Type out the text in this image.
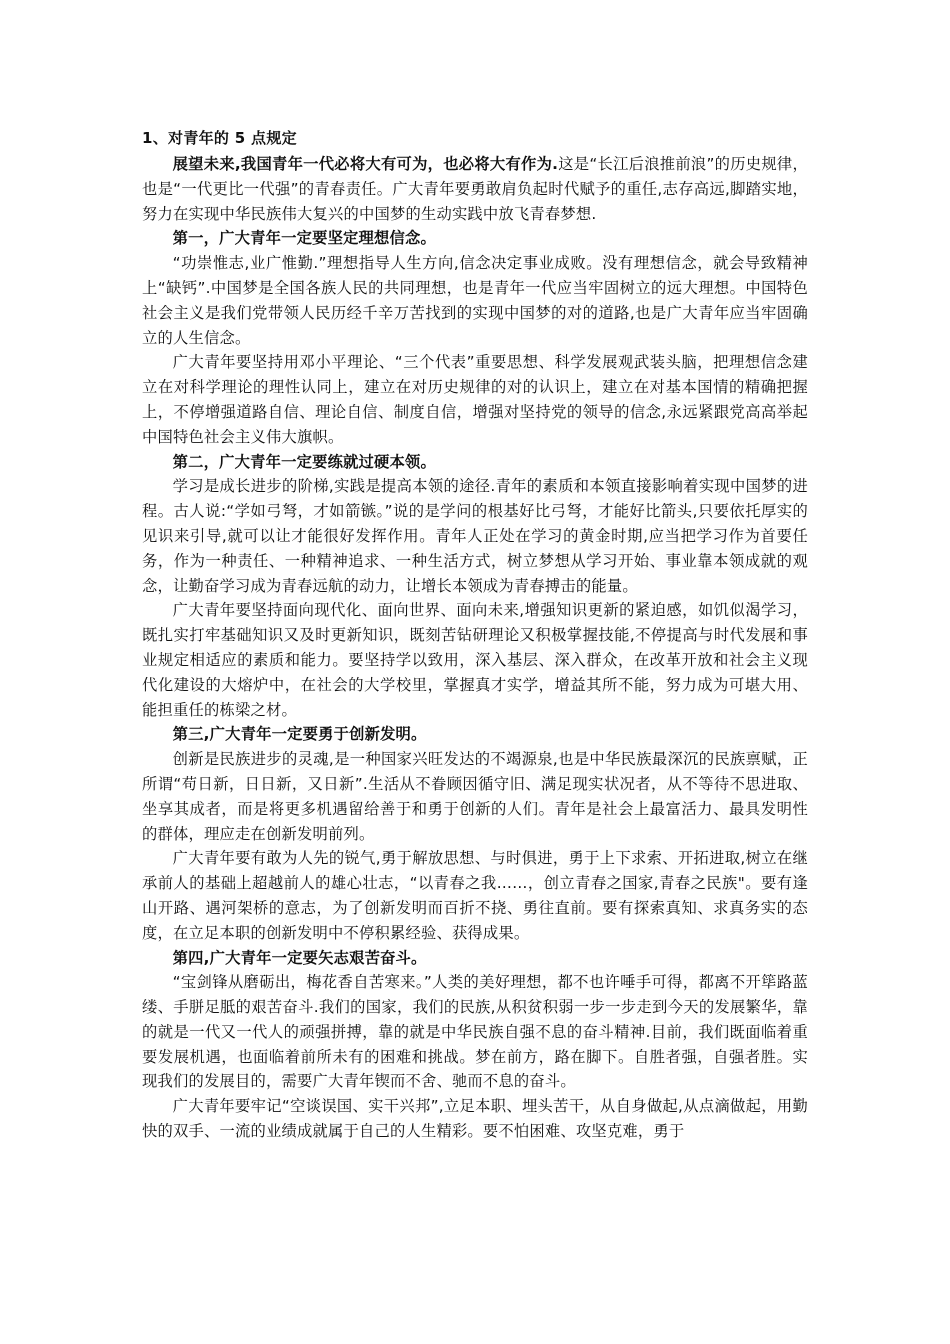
1、对青年的 5 点规定

展望未来,我国青年一代必将大有可为，也必将大有作为.这是“长江后浪推前浪”的历史规律，也是“一代更比一代强”的青春责任。广大青年要勇敢肩负起时代赋予的重任,志存高远,脚踏实地，努力在实现中华民族伟大复兴的中国梦的生动实践中放飞青春梦想.

第一，广大青年一定要坚定理想信念。

“功崇惟志,业广惟勤.”理想指导人生方向,信念决定事业成败。没有理想信念，就会导致精神上“缺钙”.中国梦是全国各族人民的共同理想，也是青年一代应当牢固树立的远大理想。中国特色社会主义是我们党带领人民历经千辛万苦找到的实现中国梦的对的道路,也是广大青年应当牢固确立的人生信念。

广大青年要坚持用邓小平理论、“三个代表”重要思想、科学发展观武装头脑，把理想信念建立在对科学理论的理性认同上，建立在对历史规律的对的认识上，建立在对基本国情的精确把握上，不停增强道路自信、理论自信、制度自信，增强对坚持党的领导的信念,永远紧跟党高高举起中国特色社会主义伟大旗帜。

第二，广大青年一定要练就过硬本领。

学习是成长进步的阶梯,实践是提高本领的途径.青年的素质和本领直接影响着实现中国梦的进程。古人说:“学如弓弩，才如箭镞。”说的是学问的根基好比弓弩，才能好比箭头,只要依托厚实的见识来引导,就可以让才能很好发挥作用。青年人正处在学习的黄金时期,应当把学习作为首要任务，作为一种责任、一种精神追求、一种生活方式，树立梦想从学习开始、事业靠本领成就的观念，让勤奋学习成为青春远航的动力，让增长本领成为青春搏击的能量。

广大青年要坚持面向现代化、面向世界、面向未来,增强知识更新的紧迫感，如饥似渴学习，既扎实打牢基础知识又及时更新知识，既刻苦钻研理论又积极掌握技能,不停提高与时代发展和事业规定相适应的素质和能力。要坚持学以致用，深入基层、深入群众，在改革开放和社会主义现代化建设的大熔炉中，在社会的大学校里，掌握真才实学，增益其所不能，努力成为可堪大用、能担重任的栋梁之材。

第三,广大青年一定要勇于创新发明。

创新是民族进步的灵魂,是一种国家兴旺发达的不竭源泉,也是中华民族最深沉的民族禀赋，正所谓“苟日新，日日新，又日新”.生活从不眷顾因循守旧、满足现实状况者，从不等待不思进取、坐享其成者，而是将更多机遇留给善于和勇于创新的人们。青年是社会上最富活力、最具发明性的群体，理应走在创新发明前列。

广大青年要有敢为人先的锐气,勇于解放思想、与时俱进，勇于上下求索、开拓进取,树立在继承前人的基础上超越前人的雄心壮志，“以青春之我……，创立青春之国家,青春之民族"。要有逢山开路、遇河架桥的意志，为了创新发明而百折不挠、勇往直前。要有探索真知、求真务实的态度，在立足本职的创新发明中不停积累经验、获得成果。

第四,广大青年一定要矢志艰苦奋斗。

“宝剑锋从磨砺出，梅花香自苦寒来。”人类的美好理想，都不也许唾手可得，都离不开筚路蓝缕、手胼足胝的艰苦奋斗.我们的国家，我们的民族,从积贫积弱一步一步走到今天的发展繁华，靠的就是一代又一代人的顽强拼搏，靠的就是中华民族自强不息的奋斗精神.目前，我们既面临着重要发展机遇，也面临着前所未有的困难和挑战。梦在前方，路在脚下。自胜者强，自强者胜。实现我们的发展目的，需要广大青年锲而不舍、驰而不息的奋斗。

广大青年要牢记“空谈误国、实干兴邦”,立足本职、埋头苦干，从自身做起,从点滴做起，用勤快的双手、一流的业绩成就属于自己的人生精彩。要不怕困难、攻坚克难，勇于
